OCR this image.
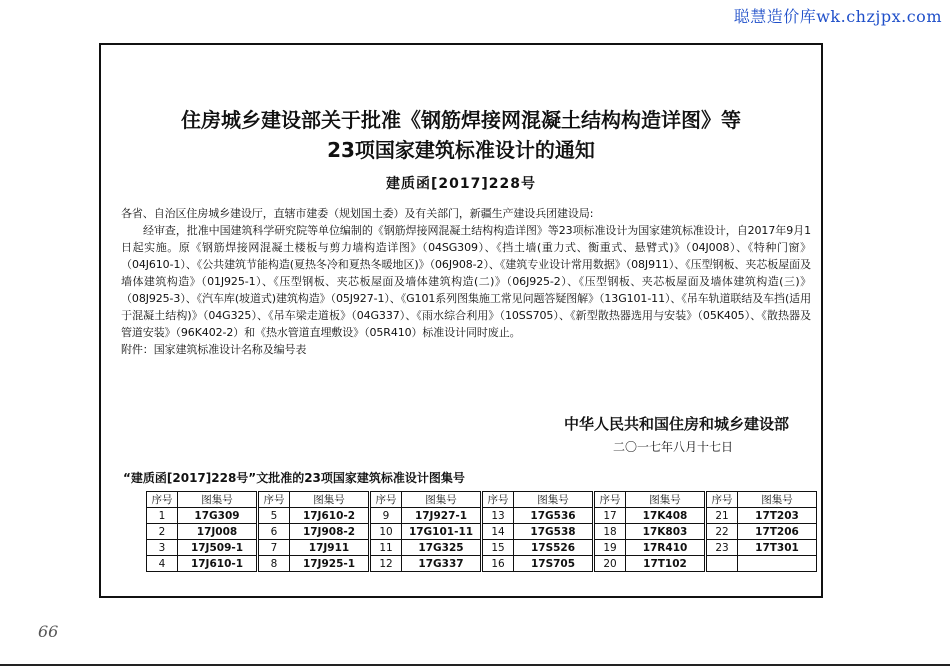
聪慧造价库wk.chzjpx.com
住房城乡建设部关于批准《钢筋焊接网混凝土结构构造详图》等
23项国家建筑标准设计的通知
建质函[2017]228号

各省、自治区住房城乡建设厅，直辖市建委（规划国土委）及有关部门，新疆生产建设兵团建设局:

经审查，批准中国建筑科学研究院等单位编制的《钢筋焊接网混凝土结构构造详图》等23项标准设计为国家建筑标准设计，自2017年9月1日起实施。原《钢筋焊接网混凝土楼板与剪力墙构造详图》（04SG309）、《挡土墙(重力式、衡重式、悬臂式)》（04J008）、《特种门窗》（04J610-1）、《公共建筑节能构造(夏热冬冷和夏热冬暖地区)》（06J908-2）、《建筑专业设计常用数据》（08J911）、《压型钢板、夹芯板屋面及墙体建筑构造》（01J925-1）、《压型钢板、夹芯板屋面及墙体建筑构造(二)》（06J925-2）、《压型钢板、夹芯板屋面及墙体建筑构造(三)》（08J925-3）、《汽车库(坡道式)建筑构造》（05J927-1）、《G101系列图集施工常见问题答疑图解》（13G101-11）、《吊车轨道联结及车挡(适用于混凝土结构)》（04G325）、《吊车梁走道板》（04G337）、《雨水综合利用》（10SS705）、《新型散热器选用与安装》（05K405）、《散热器及管道安装》（96K402-2）和《热水管道直埋敷设》（05R410）标准设计同时废止。

附件：国家建筑标准设计名称及编号表

中华人民共和国住房和城乡建设部
二〇一七年八月十七日
“建质函[2017]228号”文批准的23项国家建筑标准设计图集号
序号	图集号	序号	图集号	序号	图集号	序号	图集号	序号	图集号	序号	图集号
1	17G309	5	17J610-2	9	17J927-1	13	17G536	17	17K408	21	17T203
2	17J008	6	17J908-2	10	17G101-11	14	17G538	18	17K803	22	17T206
3	17J509-1	7	17J911	11	17G325	15	17S526	19	17R410	23	17T301
4	17J610-1	8	17J925-1	12	17G337	16	17S705	20	17T102		
66
